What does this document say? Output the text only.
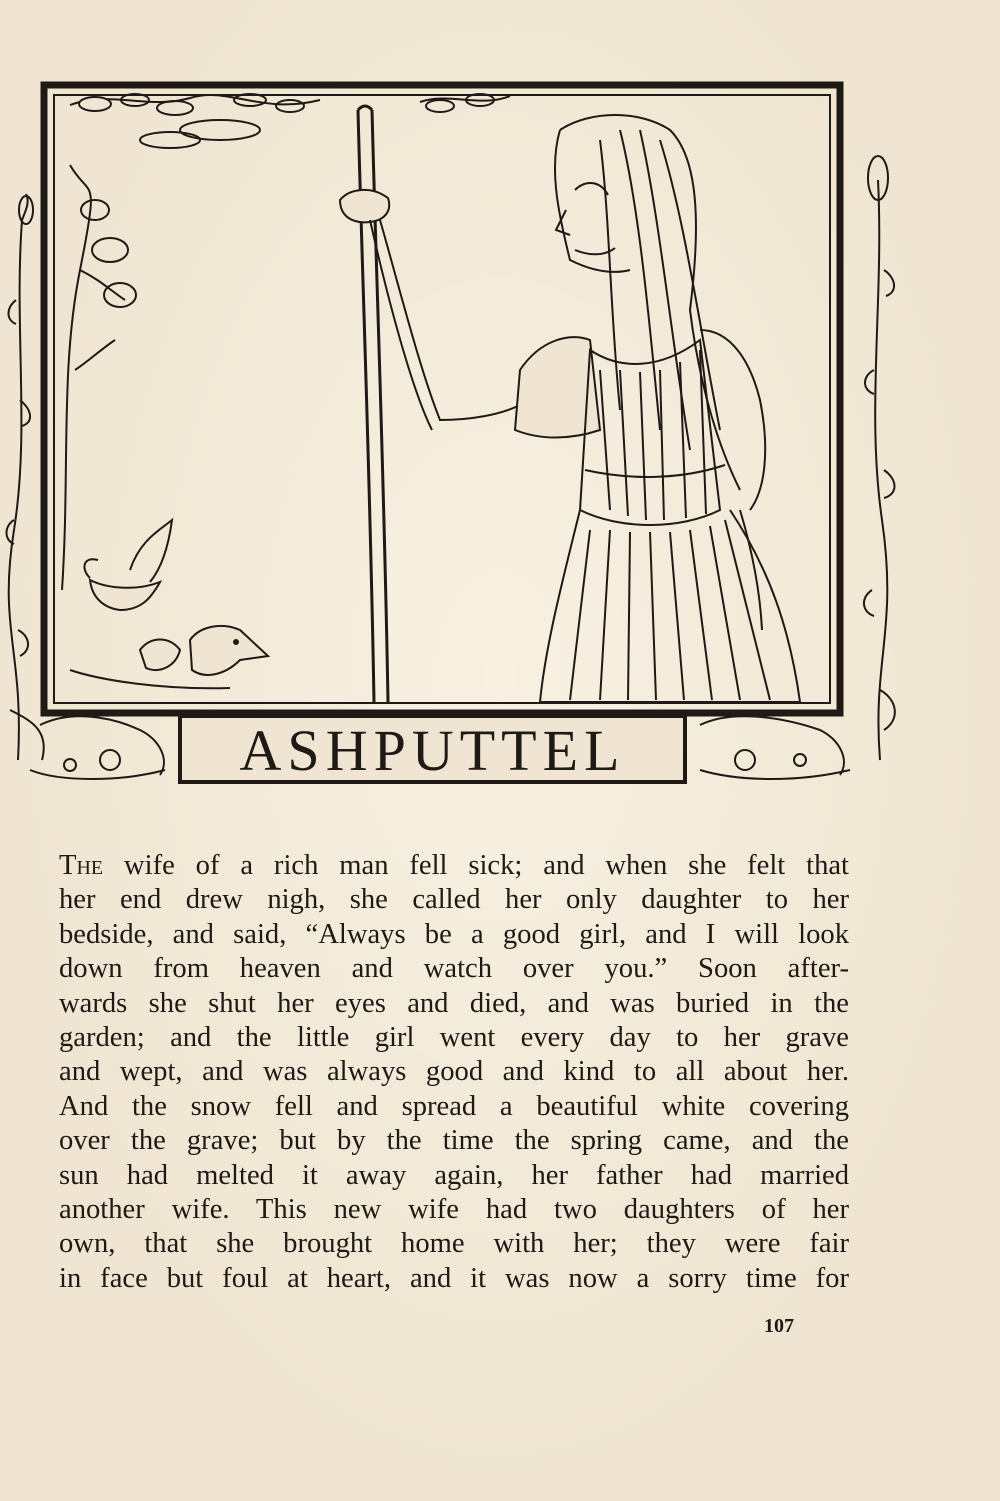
ASHPUTTEL
The wife of a rich man fell sick; and when she felt that
her end drew nigh, she called her only daughter to her
bedside, and said, “Always be a good girl, and I will look
down from heaven and watch over you.” Soon after-
wards she shut her eyes and died, and was buried in the
garden; and the little girl went every day to her grave
and wept, and was always good and kind to all about her.
And the snow fell and spread a beautiful white covering
over the grave; but by the time the spring came, and the
sun had melted it away again, her father had married
another wife. This new wife had two daughters of her
own, that she brought home with her; they were fair
in face but foul at heart, and it was now a sorry time for
107
